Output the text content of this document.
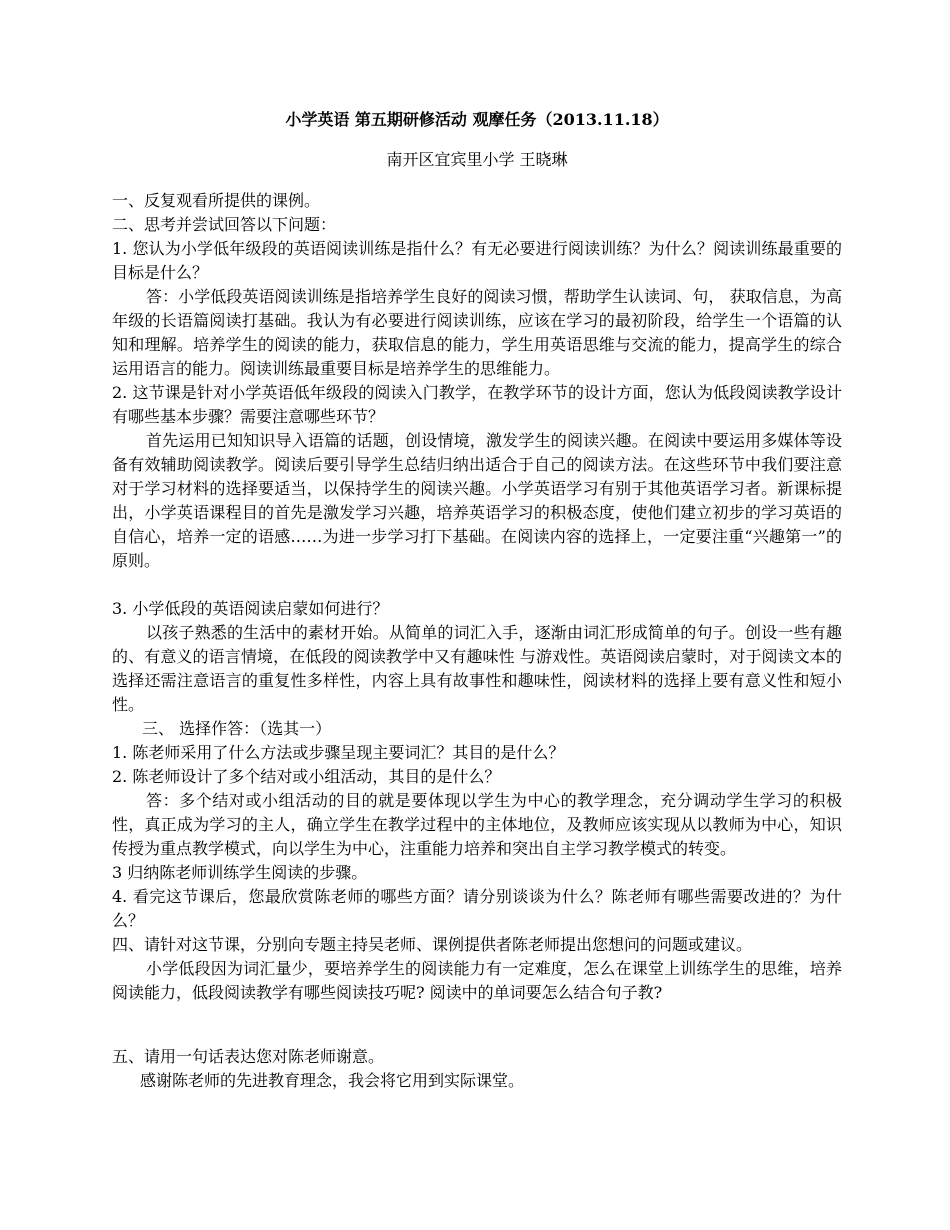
小学英语 第五期研修活动 观摩任务（2013.11.18）

南开区宜宾里小学 王晓琳

一、反复观看所提供的课例。

二、思考并尝试回答以下问题：

1. 您认为小学低年级段的英语阅读训练是指什么？有无必要进行阅读训练？为什么？阅读训练最重要的目标是什么？

答：小学低段英语阅读训练是指培养学生良好的阅读习惯，帮助学生认读词、句， 获取信息，为高年级的长语篇阅读打基础。我认为有必要进行阅读训练，应该在学习的最初阶段，给学生一个语篇的认知和理解。培养学生的阅读的能力，获取信息的能力，学生用英语思维与交流的能力，提高学生的综合运用语言的能力。阅读训练最重要目标是培养学生的思维能力。

2. 这节课是针对小学英语低年级段的阅读入门教学，在教学环节的设计方面，您认为低段阅读教学设计有哪些基本步骤？需要注意哪些环节？

首先运用已知知识导入语篇的话题，创设情境，激发学生的阅读兴趣。在阅读中要运用多媒体等设备有效辅助阅读教学。阅读后要引导学生总结归纳出适合于自己的阅读方法。在这些环节中我们要注意对于学习材料的选择要适当，以保持学生的阅读兴趣。小学英语学习有别于其他英语学习者。新课标提出，小学英语课程目的首先是激发学习兴趣，培养英语学习的积极态度，使他们建立初步的学习英语的自信心，培养一定的语感……为进一步学习打下基础。在阅读内容的选择上，一定要注重“兴趣第一”的原则。

3. 小学低段的英语阅读启蒙如何进行？

以孩子熟悉的生活中的素材开始。从简单的词汇入手，逐渐由词汇形成简单的句子。创设一些有趣的、有意义的语言情境，在低段的阅读教学中又有趣味性 与游戏性。英语阅读启蒙时，对于阅读文本的选择还需注意语言的重复性多样性，内容上具有故事性和趣味性，阅读材料的选择上要有意义性和短小性。

三、 选择作答：（选其一）

1. 陈老师采用了什么方法或步骤呈现主要词汇？其目的是什么？

2. 陈老师设计了多个结对或小组活动，其目的是什么？

答：多个结对或小组活动的目的就是要体现以学生为中心的教学理念，充分调动学生学习的积极性，真正成为学习的主人，确立学生在教学过程中的主体地位，及教师应该实现从以教师为中心，知识传授为重点教学模式，向以学生为中心，注重能力培养和突出自主学习教学模式的转变。

3 归纳陈老师训练学生阅读的步骤。

4. 看完这节课后，您最欣赏陈老师的哪些方面？请分别谈谈为什么？陈老师有哪些需要改进的？为什么？

四、请针对这节课，分别向专题主持吴老师、课例提供者陈老师提出您想问的问题或建议。

小学低段因为词汇量少，要培养学生的阅读能力有一定难度，怎么在课堂上训练学生的思维，培养阅读能力，低段阅读教学有哪些阅读技巧呢? 阅读中的单词要怎么结合句子教?

五、请用一句话表达您对陈老师谢意。

感谢陈老师的先进教育理念，我会将它用到实际课堂。
